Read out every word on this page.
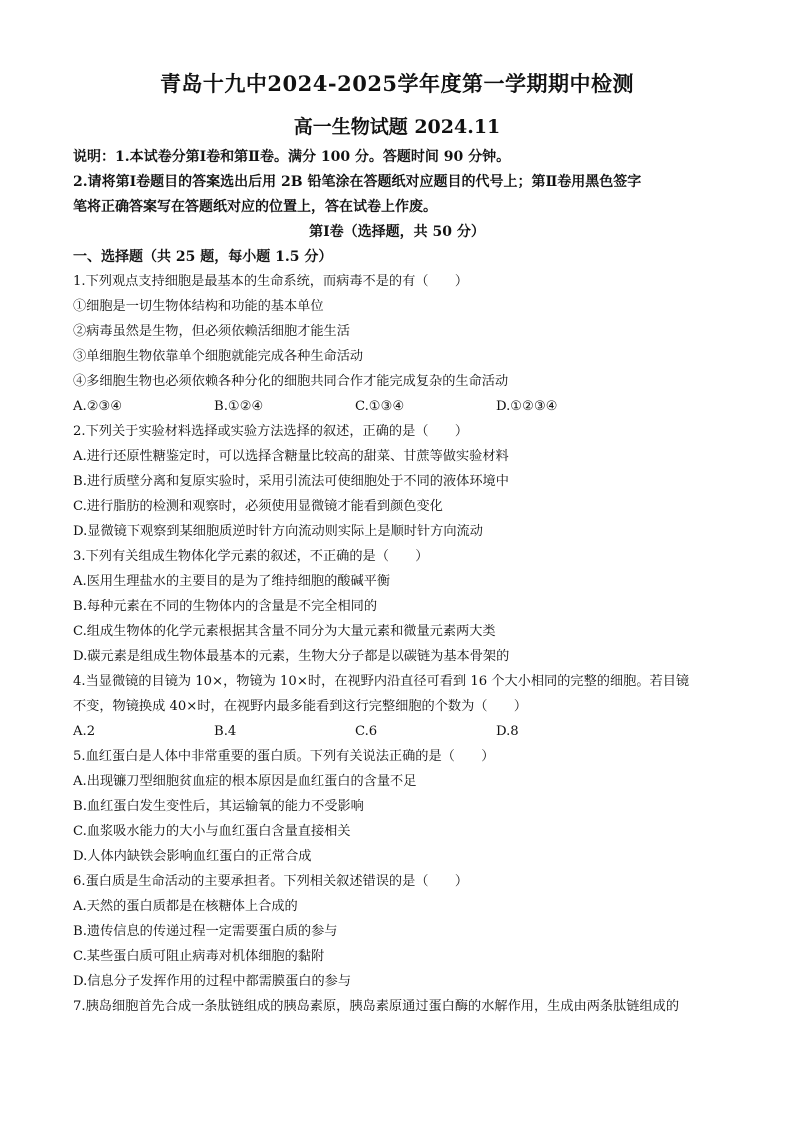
青岛十九中2024-2025学年度第一学期期中检测
高一生物试题 2024.11
说明：1.本试卷分第Ⅰ卷和第Ⅱ卷。满分 100 分。答题时间 90 分钟。
2.请将第Ⅰ卷题目的答案选出后用 2B 铅笔涂在答题纸对应题目的代号上；第Ⅱ卷用黑色签字
笔将正确答案写在答题纸对应的位置上，答在试卷上作废。
第Ⅰ卷（选择题，共 50 分）
一、选择题（共 25 题，每小题 1.5 分）
1.下列观点支持细胞是最基本的生命系统，而病毒不是的有（　　）
①细胞是一切生物体结构和功能的基本单位
②病毒虽然是生物，但必须依赖活细胞才能生活
③单细胞生物依靠单个细胞就能完成各种生命活动
④多细胞生物也必须依赖各种分化的细胞共同合作才能完成复杂的生命活动
A.②③④	B.①②④	C.①③④	D.①②③④
2.下列关于实验材料选择或实验方法选择的叙述，正确的是（　　）
A.进行还原性糖鉴定时，可以选择含糖量比较高的甜菜、甘蔗等做实验材料
B.进行质壁分离和复原实验时，采用引流法可使细胞处于不同的液体环境中
C.进行脂肪的检测和观察时，必须使用显微镜才能看到颜色变化
D.显微镜下观察到某细胞质逆时针方向流动则实际上是顺时针方向流动
3.下列有关组成生物体化学元素的叙述，不正确的是（　　）
A.医用生理盐水的主要目的是为了维持细胞的酸碱平衡
B.每种元素在不同的生物体内的含量是不完全相同的
C.组成生物体的化学元素根据其含量不同分为大量元素和微量元素两大类
D.碳元素是组成生物体最基本的元素，生物大分子都是以碳链为基本骨架的
4.当显微镜的目镜为 10×，物镜为 10×时，在视野内沿直径可看到 16 个大小相同的完整的细胞。若目镜
不变，物镜换成 40×时，在视野内最多能看到这行完整细胞的个数为（　　）
A.2	B.4	C.6	D.8
5.血红蛋白是人体中非常重要的蛋白质。下列有关说法正确的是（　　）
A.出现镰刀型细胞贫血症的根本原因是血红蛋白的含量不足
B.血红蛋白发生变性后，其运输氧的能力不受影响
C.血浆吸水能力的大小与血红蛋白含量直接相关
D.人体内缺铁会影响血红蛋白的正常合成
6.蛋白质是生命活动的主要承担者。下列相关叙述错误的是（　　）
A.天然的蛋白质都是在核糖体上合成的
B.遗传信息的传递过程一定需要蛋白质的参与
C.某些蛋白质可阻止病毒对机体细胞的黏附
D.信息分子发挥作用的过程中都需膜蛋白的参与
7.胰岛细胞首先合成一条肽链组成的胰岛素原，胰岛素原通过蛋白酶的水解作用，生成由两条肽链组成的
